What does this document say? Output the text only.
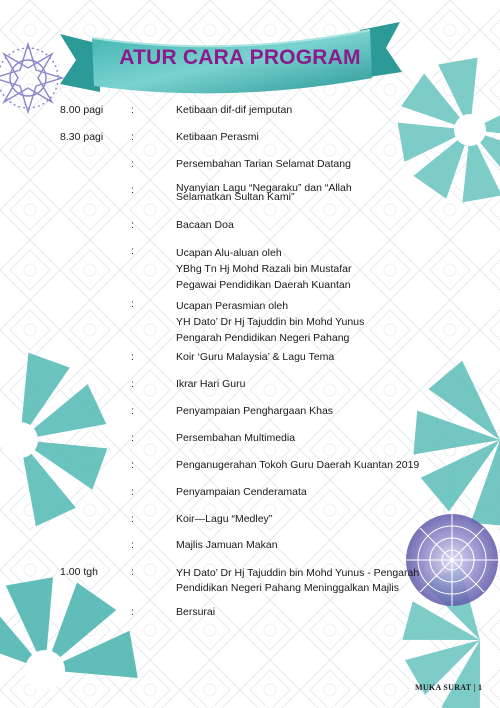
ATUR CARA PROGRAM
8.00 pagi	:	Ketibaan dif-dif jemputan
8.30 pagi	:	Ketibaan Perasmi
:	Persembahan Tarian Selamat Datang
:	Nyanyian Lagu “Negaraku” dan “Allah
Selamatkan Sultan Kami”
:	Bacaan Doa
:	Ucapan Alu-aluan oleh
YBhg Tn Hj Mohd Razali bin Mustafar
Pegawai Pendidikan Daerah Kuantan
:	Ucapan Perasmian oleh
YH Dato’ Dr Hj Tajuddin bin Mohd Yunus
Pengarah Pendidikan Negeri Pahang
:	Koir ‘Guru Malaysia’ & Lagu Tema
:	Ikrar Hari Guru
:	Penyampaian Penghargaan Khas
:	Persembahan Multimedia
:	Penganugerahan Tokoh Guru Daerah Kuantan 2019
:	Penyampaian Cenderamata
:	Koir—Lagu “Medley”
:	Majlis Jamuan Makan
1.00 tgh	:	YH Dato’ Dr Hj Tajuddin bin Mohd Yunus - Pengarah
Pendidikan Negeri Pahang Meninggalkan Majlis
:	Bersurai
MUKA SURAT | 1
